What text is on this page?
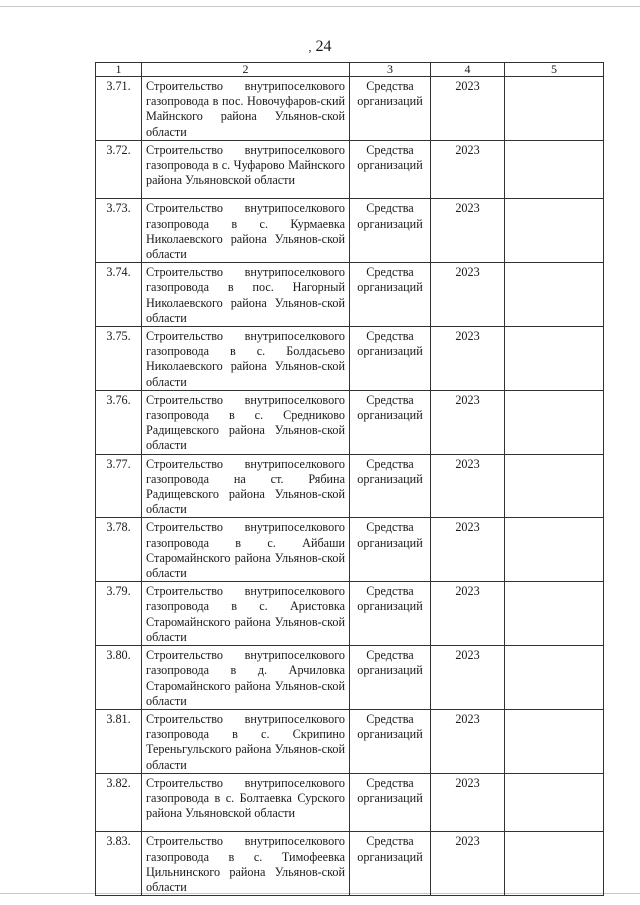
, 24
1	2	3	4	5
3.71.	Строительство внутрипоселкового газопровода в пос. Новочуфаров-ский Майнского района Ульянов-ской области	Средства организаций	2023	
3.72.	Строительство внутрипоселкового газопровода в с. Чуфарово Майнского района Ульяновской области	Средства организаций	2023	
3.73.	Строительство внутрипоселкового газопровода в с. Курмаевка Николаевского района Ульянов-ской области	Средства организаций	2023	
3.74.	Строительство внутрипоселкового газопровода в пос. Нагорный Николаевского района Ульянов-ской области	Средства организаций	2023	
3.75.	Строительство внутрипоселкового газопровода в с. Болдасьево Николаевского района Ульянов-ской области	Средства организаций	2023	
3.76.	Строительство внутрипоселкового газопровода в с. Средниково Радищевского района Ульянов-ской области	Средства организаций	2023	
3.77.	Строительство внутрипоселкового газопровода на ст. Рябина Радищевского района Ульянов-ской области	Средства организаций	2023	
3.78.	Строительство внутрипоселкового газопровода в с. Айбаши Старомайнского района Ульянов-ской области	Средства организаций	2023	
3.79.	Строительство внутрипоселкового газопровода в с. Аристовка Старомайнского района Ульянов-ской области	Средства организаций	2023	
3.80.	Строительство внутрипоселкового газопровода в д. Арчиловка Старомайнского района Ульянов-ской области	Средства организаций	2023	
3.81.	Строительство внутрипоселкового газопровода в с. Скрипино Тереньгульского района Ульянов-ской области	Средства организаций	2023	
3.82.	Строительство внутрипоселкового газопровода в с. Болтаевка Сурского района Ульяновской области	Средства организаций	2023	
3.83.	Строительство внутрипоселкового газопровода в с. Тимофеевка Цильнинского района Ульянов-ской области	Средства организаций	2023	
